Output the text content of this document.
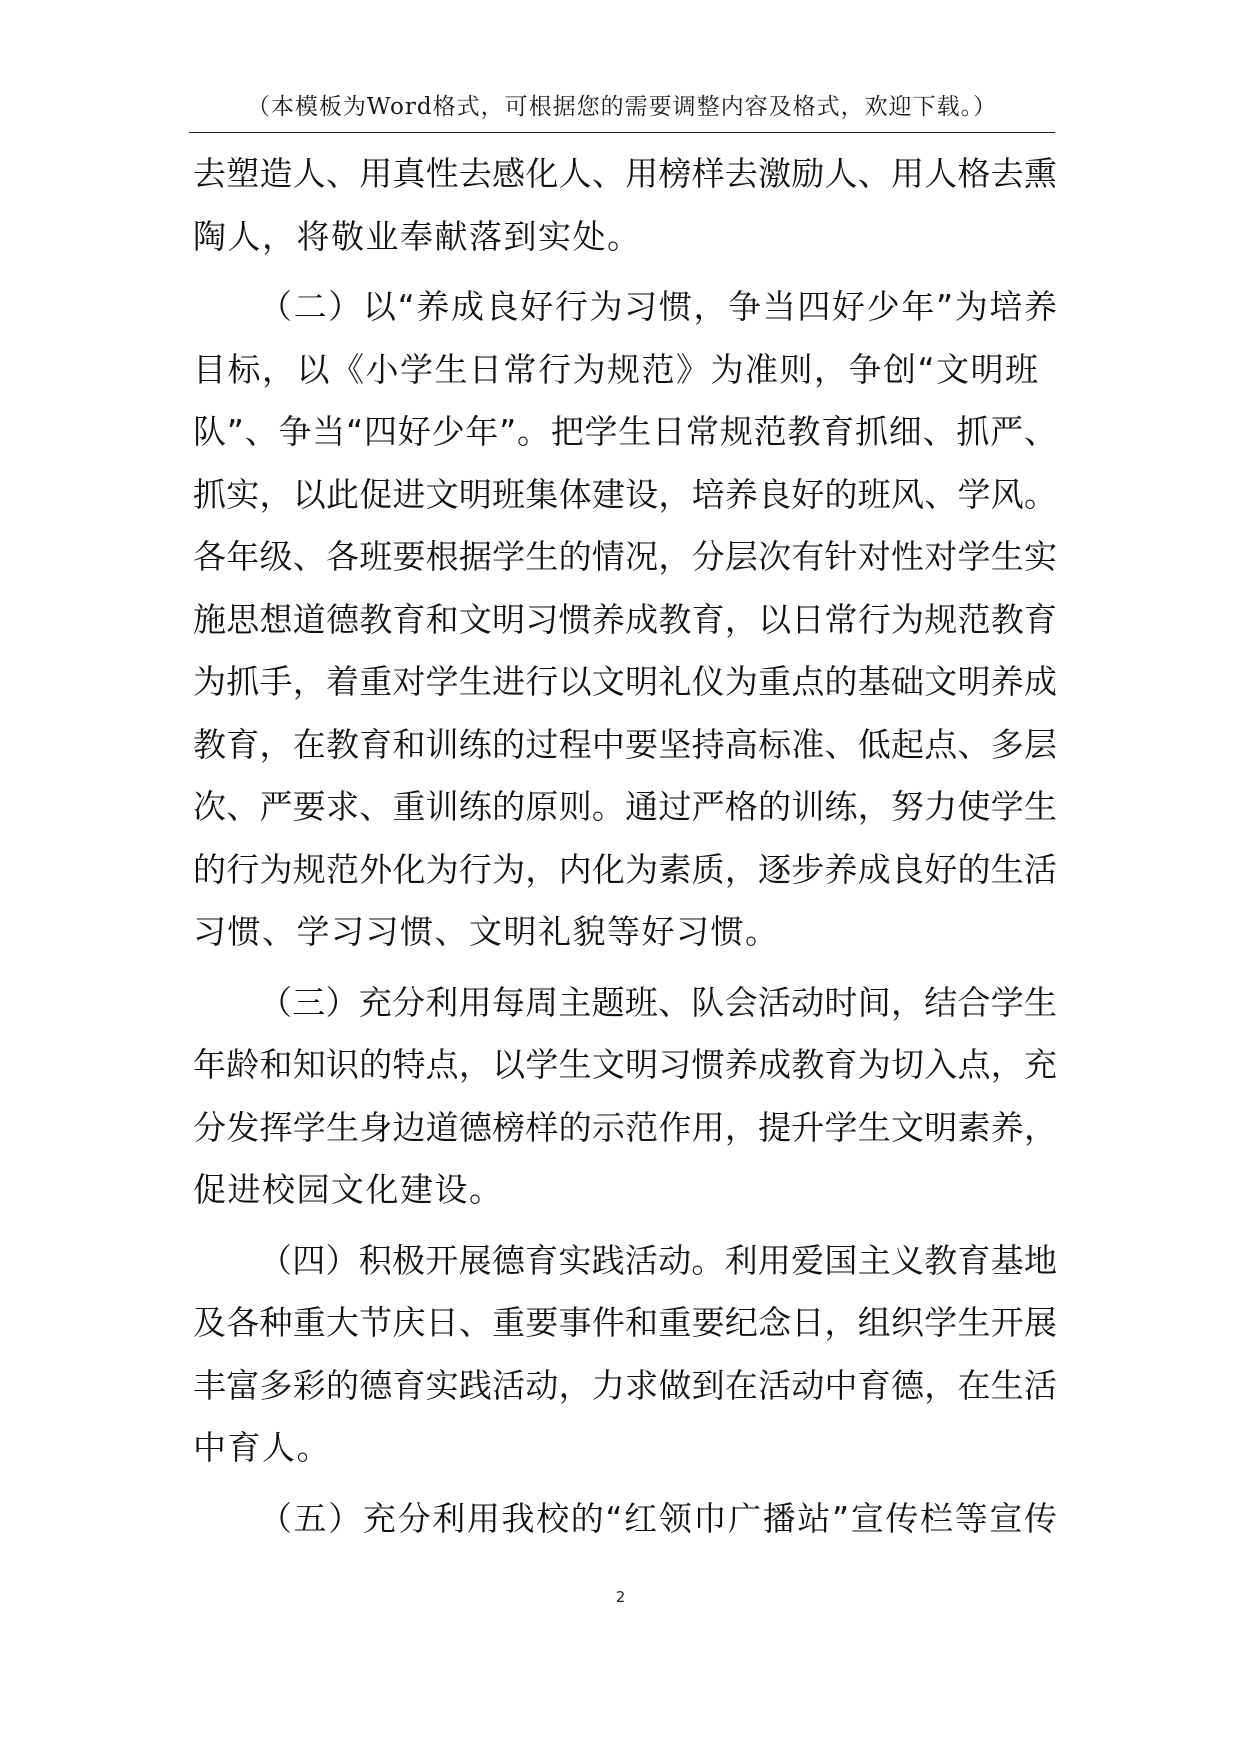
（本模板为Word格式，可根据您的需要调整内容及格式，欢迎下载。）
去塑造人、用真性去感化人、用榜样去激励人、用人格去熏
陶人，将敬业奉献落到实处。
（二）以“养成良好行为习惯，争当四好少年”为培养
目标，以《小学生日常行为规范》为准则，争创“文明班
队”、争当“四好少年”。把学生日常规范教育抓细、抓严、
抓实，以此促进文明班集体建设，培养良好的班风、学风。
各年级、各班要根据学生的情况，分层次有针对性对学生实
施思想道德教育和文明习惯养成教育，以日常行为规范教育
为抓手，着重对学生进行以文明礼仪为重点的基础文明养成
教育，在教育和训练的过程中要坚持高标准、低起点、多层
次、严要求、重训练的原则。通过严格的训练，努力使学生
的行为规范外化为行为，内化为素质，逐步养成良好的生活
习惯、学习习惯、文明礼貌等好习惯。
（三）充分利用每周主题班、队会活动时间，结合学生
年龄和知识的特点，以学生文明习惯养成教育为切入点，充
分发挥学生身边道德榜样的示范作用，提升学生文明素养，
促进校园文化建设。
（四）积极开展德育实践活动。利用爱国主义教育基地
及各种重大节庆日、重要事件和重要纪念日，组织学生开展
丰富多彩的德育实践活动，力求做到在活动中育德，在生活
中育人。
（五）充分利用我校的“红领巾广播站”宣传栏等宣传
2
